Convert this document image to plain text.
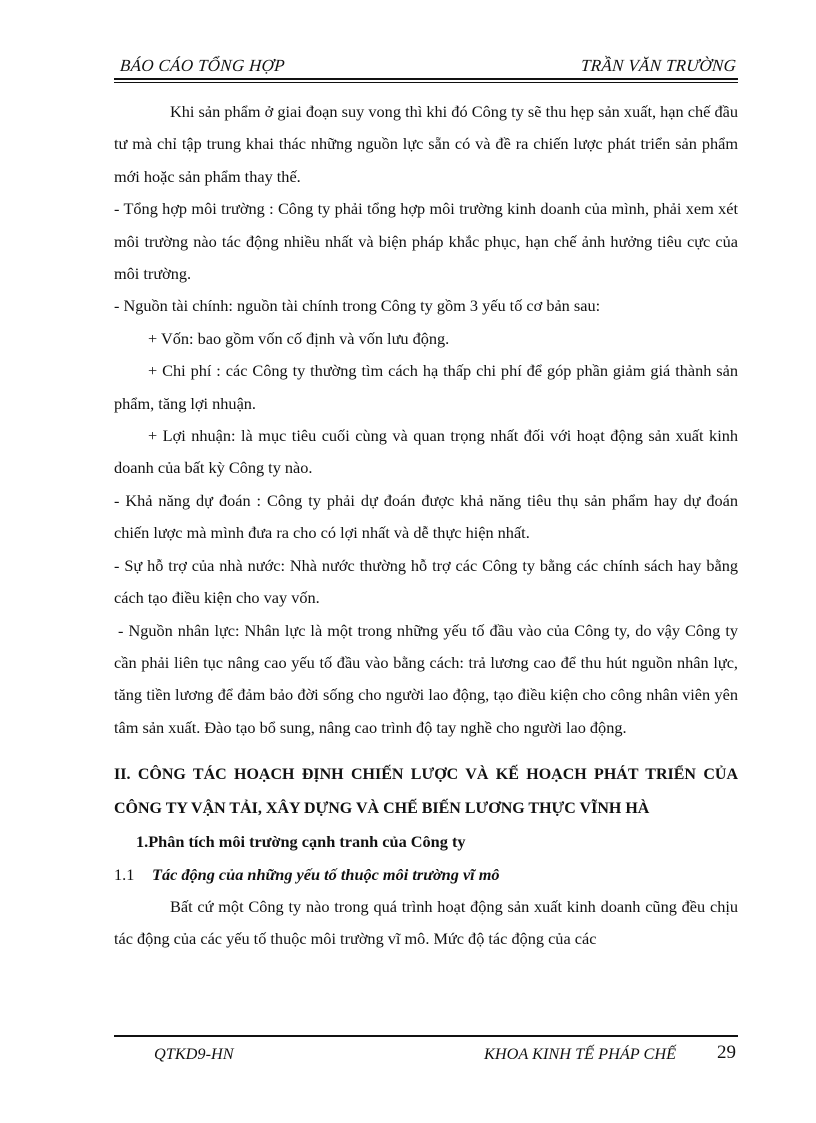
BÁO CÁO TỔNG HỢP	TRẦN VĂN TRƯỜNG

Khi sản phẩm ở giai đoạn suy vong thì khi đó Công ty sẽ thu hẹp sản xuất, hạn chế đầu tư mà chỉ tập trung khai thác những nguồn lực sẵn có và đề ra chiến lược phát triển sản phẩm mới hoặc sản phẩm thay thế.

- Tổng hợp môi trường : Công ty phải tổng hợp môi trường kinh doanh của mình, phải xem xét môi trường nào tác động nhiều nhất và biện pháp khắc phục, hạn chế ảnh hưởng tiêu cực của môi trường.

- Nguồn tài chính: nguồn tài chính trong Công ty gồm 3 yếu tố cơ bản sau:

+ Vốn: bao gồm vốn cố định và vốn lưu động.

+ Chi phí : các Công ty thường tìm cách hạ thấp chi phí để góp phần giảm giá thành sản phẩm, tăng lợi nhuận.

+ Lợi nhuận: là mục tiêu cuối cùng và quan trọng nhất đối với hoạt động sản xuất kinh doanh của bất kỳ Công ty nào.

- Khả năng dự đoán : Công ty phải dự đoán được khả năng tiêu thụ sản phẩm hay dự đoán chiến lược mà mình đưa ra cho có lợi nhất và dễ thực hiện nhất.

- Sự hỗ trợ của nhà nước: Nhà nước thường hỗ trợ các Công ty bằng các chính sách hay bằng cách tạo điều kiện cho vay vốn.

- Nguồn nhân lực: Nhân lực là một trong những yếu tố đầu vào của Công ty, do vậy Công ty cần phải liên tục nâng cao yếu tố đầu vào bằng cách: trả lương cao để thu hút nguồn nhân lực, tăng tiền lương để đảm bảo đời sống cho người lao động, tạo điều kiện cho công nhân viên yên tâm sản xuất. Đào tạo bổ sung, nâng cao trình độ tay nghề cho người lao động.

II. CÔNG TÁC HOẠCH ĐỊNH CHIẾN LƯỢC VÀ KẾ HOẠCH PHÁT TRIỂN CỦA CÔNG TY VẬN TẢI, XÂY DỰNG VÀ CHẾ BIẾN LƯƠNG THỰC VĨNH HÀ

1.Phân tích môi trường cạnh tranh của Công ty

1.1 Tác động của những yếu tố thuộc môi trường vĩ mô

Bất cứ một Công ty nào trong quá trình hoạt động sản xuất kinh doanh cũng đều chịu tác động của các yếu tố thuộc môi trường vĩ mô. Mức độ tác động của các

QTKD9-HN	KHOA KINH TẾ PHÁP CHẾ 29
